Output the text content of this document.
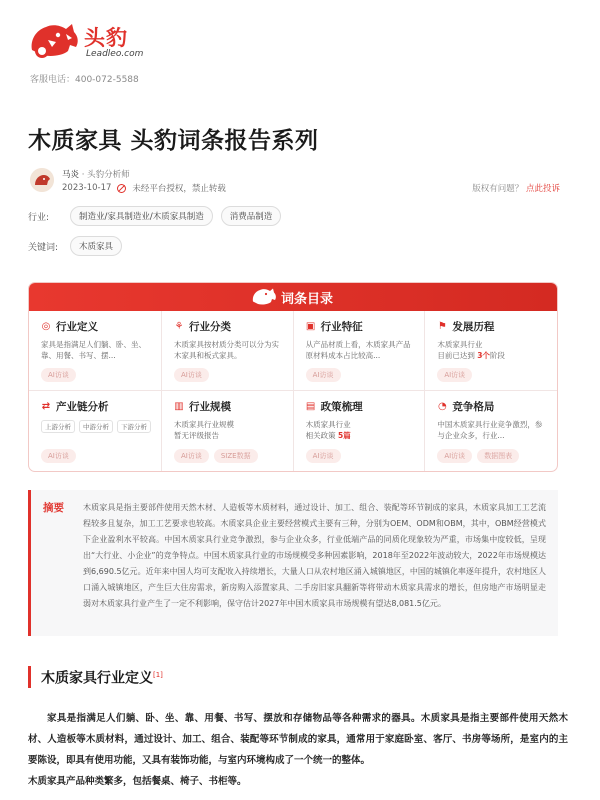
头豹
Leadleo.com
客服电话：400-072-5588
木质家具 头豹词条报告系列
马炎 · 头豹分析师
2023-10-17 未经平台授权，禁止转载	版权有问题？ 点此投诉
行业:	制造业/家具制造业/木质家具制造	消费品制造
关键词:	木质家具
词条目录
◎ 行业定义
家具是指满足人们躺、卧、坐、靠、用餐、书写、摆...
AI访谈
⚘ 行业分类
木质家具按材质分类可以分为实木家具和板式家具。
AI访谈
▣ 行业特征
从产品材质上看，木质家具产品原材料成本占比较高...
AI访谈
⚑ 发展历程
木质家具行业
目前已达到 3个阶段
AI访谈
⇄ 产业链分析
上游分析	中游分析	下游分析
AI访谈
▥ 行业规模
木质家具行业规模
暂无评级报告
AI访谈	SIZE数据
▤ 政策梳理
木质家具行业
相关政策 5篇
AI访谈
◔ 竞争格局
中国木质家具行业竞争激烈，参与企业众多，行业...
AI访谈	数据图表
摘要 木质家具是指主要部件使用天然木材、人造板等木质材料，通过设计、加工、组合、装配等环节制成的家具，木质家具加工工艺流程较多且复杂，加工工艺要求也较高。木质家具企业主要经营模式主要有三种，分别为OEM、ODM和OBM，其中，OBM经营模式下企业盈利水平较高。中国木质家具行业竞争激烈，参与企业众多，行业低端产品的同质化现象较为严重，市场集中度较低，呈现出“大行业、小企业”的竞争特点。中国木质家具行业的市场规模受多种因素影响，2018年至2022年波动较大，2022年市场规模达到6,690.5亿元。近年来中国人均可支配收入持续增长，大量人口从农村地区涌入城镇地区，中国的城镇化率逐年提升，农村地区人口涌入城镇地区，产生巨大住房需求，新房购入添置家具、二手房旧家具翻新等将带动木质家具需求的增长，但房地产市场明显走弱对木质家具行业产生了一定不利影响，保守估计2027年中国木质家具市场规模有望达8,081.5亿元。
木质家具行业定义[1]

家具是指满足人们躺、卧、坐、靠、用餐、书写、摆放和存储物品等各种需求的器具。木质家具是指主要部件使用天然木材、人造板等木质材料，通过设计、加工、组合、装配等环节制成的家具，通常用于家庭卧室、客厅、书房等场所，是室内的主要陈设，即具有使用功能，又具有装饰功能，与室内环境构成了一个统一的整体。

木质家具产品种类繁多，包括餐桌、椅子、书柜等。
